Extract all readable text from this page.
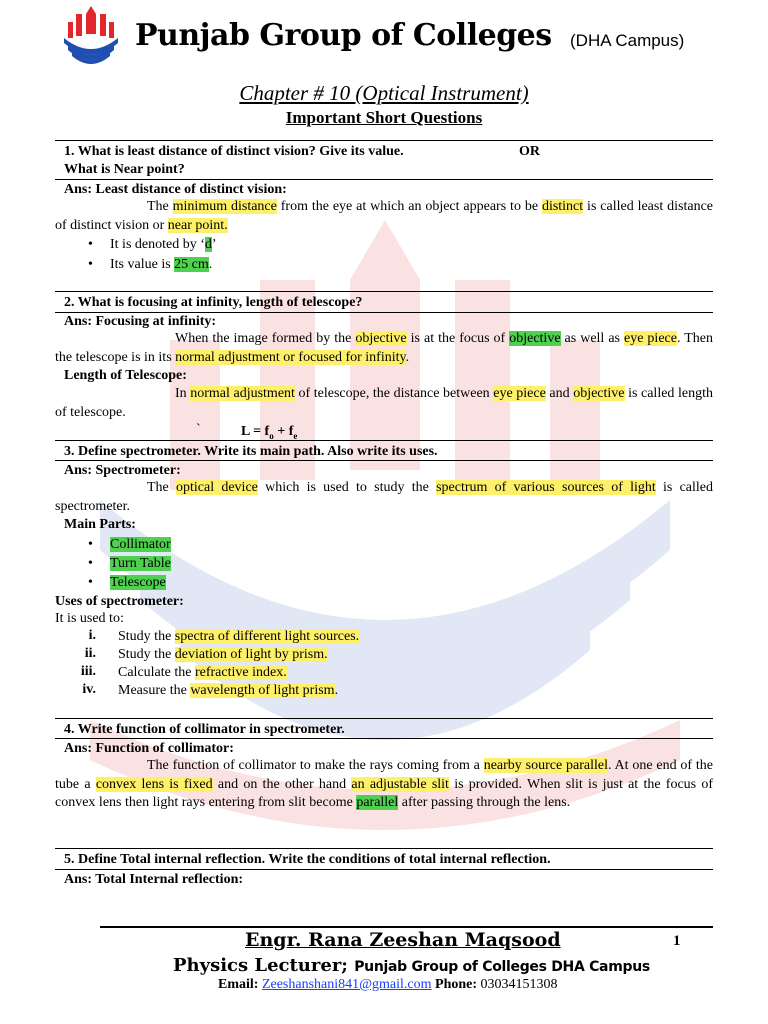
Punjab Group of Colleges (DHA Campus)
Chapter # 10 (Optical Instrument)
Important Short Questions
1. What is least distance of distinct vision? Give its value.	OR
What is Near point?
Ans: Least distance of distinct vision:
The minimum distance from the eye at which an object appears to be distinct is called least distance of distinct vision or near point.
• It is denoted by ‘d’
• Its value is 25 cm.
2. What is focusing at infinity, length of telescope?
Ans: Focusing at infinity:
When the image formed by the objective is at the focus of objective as well as eye piece. Then the telescope is in its normal adjustment or focused for infinity.
Length of Telescope:
In normal adjustment of telescope, the distance between eye piece and objective is called length of telescope.
`	$L = f_o + f_e$
3. Define spectrometer. Write its main path. Also write its uses.
Ans: Spectrometer:
The optical device which is used to study the spectrum of various sources of light is called spectrometer.
Main Parts:
• Collimator
• Turn Table
• Telescope
Uses of spectrometer:
It is used to:
i. Study the spectra of different light sources.
ii. Study the deviation of light by prism.
iii. Calculate the refractive index.
iv. Measure the wavelength of light prism.
4. Write function of collimator in spectrometer.
Ans: Function of collimator:
The function of collimator to make the rays coming from a nearby source parallel. At one end of the tube a convex lens is fixed and on the other hand an adjustable slit is provided. When slit is just at the focus of convex lens then light rays entering from slit become parallel after passing through the lens.
5. Define Total internal reflection. Write the conditions of total internal reflection.
Ans: Total Internal reflection:
Engr. Rana Zeeshan Maqsood	1
Physics Lecturer; Punjab Group of Colleges DHA Campus
Email: Zeeshanshani841@gmail.com Phone: 03034151308
